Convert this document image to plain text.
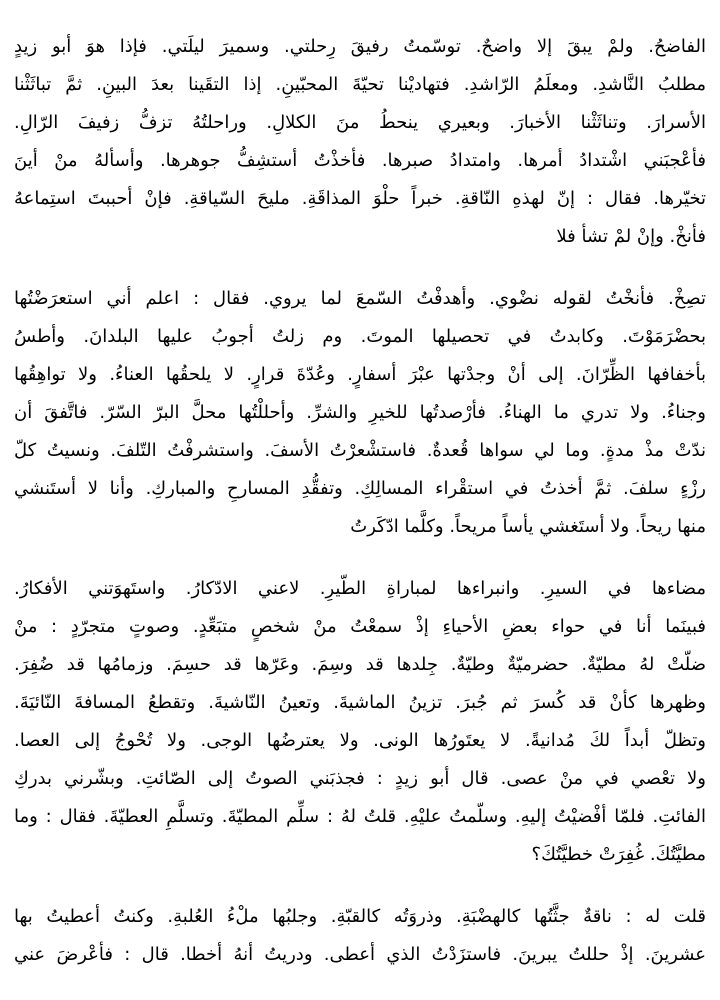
الفاضحُ. ولمْ يبقَ إلا واضحٌ. توسّمتُ رفيقَ رِحلتي. وسميرَ ليلَتي. فإذا هوَ أبو زيدٍ
مطلبُ النَّاشدِ. ومعلَمُ الرّاشدِ. فتهاديْنا تحيّةَ المحبّينِ. إذا التقَينا بعدَ البينِ. ثمَّ تباثَثْنا
الأسرارَ. وتناثَثْنا الأخبارَ. وبعيري ينحطُ منَ الكلالِ. وراحلتُهُ تزفُّ زفيفَ الرّالِ.
فأعْجبَني اشْتدادُ أمرها. وامتدادُ صبرها. فأخذْتُ أستشِفُّ جوهرها. وأسألهُ منْ أينَ
تخيّرها. فقال : إنّ لهذهِ النّاقةِ. خبراً حلْوَ المذاقَةِ. مليحَ السّياقةِ. فإنْ أحببتَ استِماعهُ
فأنخْ. وإنْ لمْ تشأ فلا
تصِخْ. فأنخْتُ لقوله نضْوي. وأهدفْتُ السّمعَ لما يروي. فقال : اعلم أني استعرَضْتُها
بحضْرَمَوْتَ. وكابدتُ في تحصيلها الموتَ. وم زلتُ أجوبُ عليها البلدانَ. وأطسُ
بأخفافها الظِّرّانَ. إلى أنْ وجدْتها عبْرَ أسفارٍ. وعُدّةَ قرارٍ. لا يلحقُها العناءُ. ولا تواهِقُها
وجناءُ. ولا تدري ما الهناءُ. فأرْصدتُها للخيرِ والشرِّ. وأحللْتُها محلَّ البرّ السّرّ. فاتَّفقَ أن
ندّتْ مذْ مدةٍ. وما لي سواها قُعدةٌ. فاستشْعرْتُ الأسفَ. واستشرفْتُ التّلفَ. ونسيتُ كلّ
رزْءٍ سلفَ. ثمَّ أخذتُ في استقْراء المسالِكِ. وتفقُّدِ المسارحِ والمباركِ. وأنا لا أستَنشي
منها ريحاً. ولا أستَغشي يأساً مريحاً. وكلَّما ادّكَرتُ
مضاءها في السيرِ. وانبراءها لمباراةِ الطّيرِ. لاعني الادّكارُ. واستَهوَتني الأفكارُ.
فبينَما أنا في حواء بعضِ الأحياءِ إذْ سمعْتُ منْ شخصٍ متبَعِّدٍ. وصوتٍ متجرّدٍ : منْ
ضلّتْ لهُ مطيّةٌ. حضرميّةٌ وطيّةٌ. جِلدها قد وسِمَ. وعَرّها قد حسِمَ. وزمامُها قد ضُفِرَ.
وظهرها كأنْ قد كُسرَ ثم جُبرَ. تزينُ الماشيةَ. وتعينُ النّاشيةَ. وتقطعُ المسافةَ النّائيَةَ.
وتظلّ أبداً لكَ مُدانيةً. لا يعتَورُها الونى. ولا يعترضُها الوجى. ولا تُحْوجُ إلى العصا.
ولا تعْصي في منْ عصى. قال أبو زيدٍ : فجذبَني الصوتُ إلى الصّائتِ. وبشّرني بدركِ
الفائتِ. فلمّا أفْضيْتُ إليهِ. وسلّمتُ عليْهِ. قلتُ لهُ : سلِّم المطيّةَ. وتسلَّمِ العطيّةَ. فقال : وما
مطيَّتُكَ. غُفِرَتْ خطيَّتُكَ؟
قلت له : ناقةٌ جثَّتُها كالهضْبَةِ. وذروَتُه كالقبّةِ. وجلبُها ملْءُ العُلبةِ. وكنتُ أعطيتُ بها
عشرينَ. إذْ حللتُ يبرينَ. فاستزَدْتُ الذي أعطى. ودريتُ أنهُ أخطا. قال : فأعْرضَ عني
